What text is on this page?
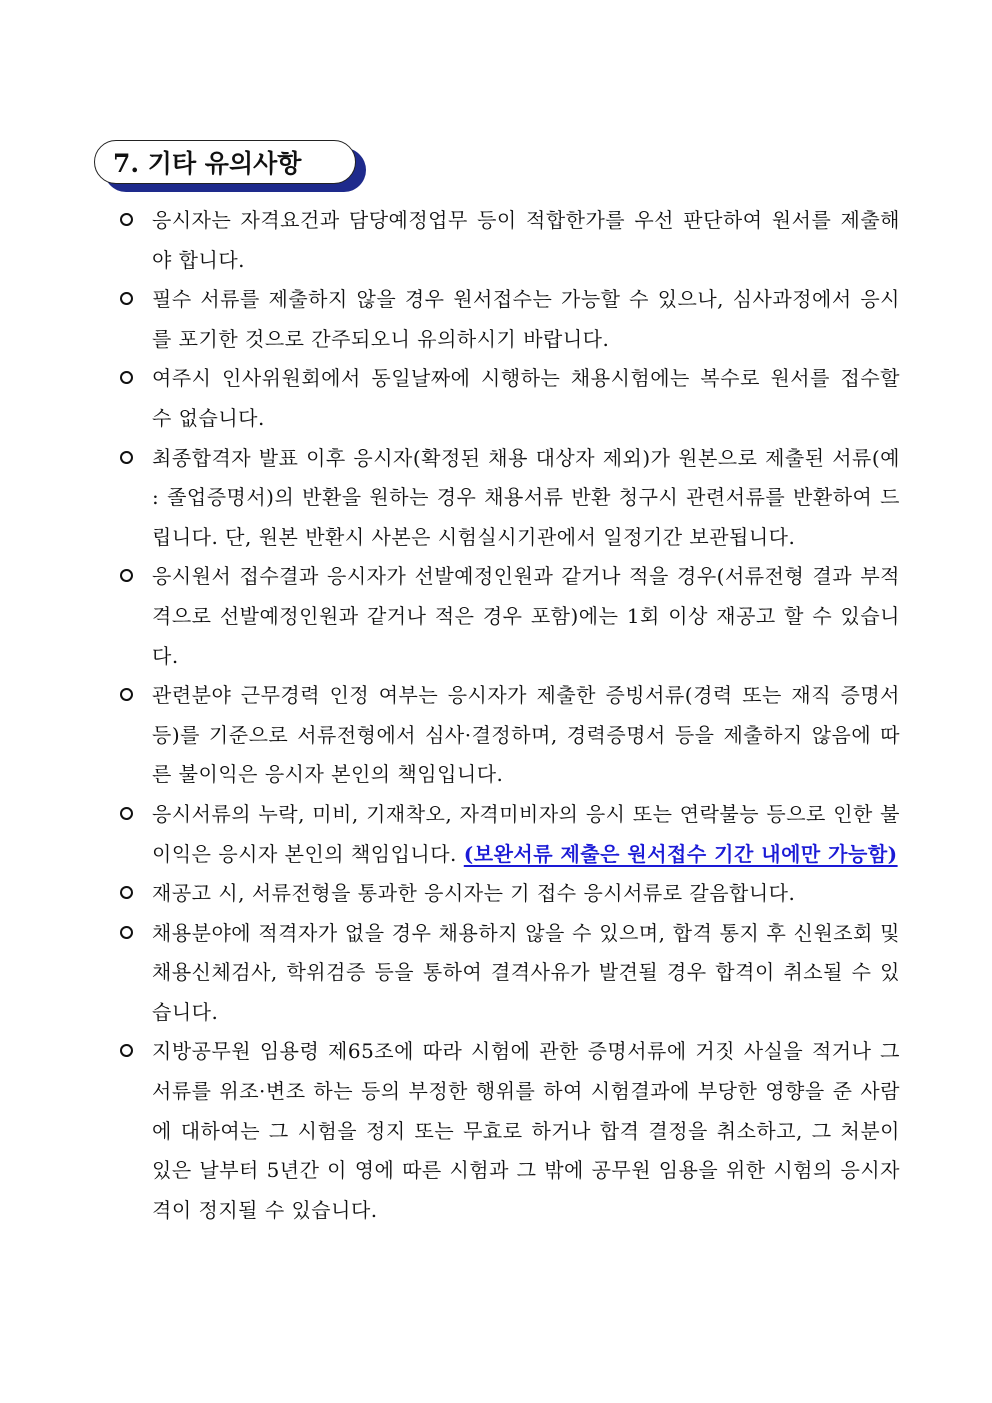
7. 기타 유의사항
응시자는 자격요건과 담당예정업무 등이 적합한가를 우선 판단하여 원서를 제출해야 합니다.
필수 서류를 제출하지 않을 경우 원서접수는 가능할 수 있으나, 심사과정에서 응시를 포기한 것으로 간주되오니 유의하시기 바랍니다.
여주시 인사위원회에서 동일날짜에 시행하는 채용시험에는 복수로 원서를 접수할 수 없습니다.
최종합격자 발표 이후 응시자(확정된 채용 대상자 제외)가 원본으로 제출된 서류(예 : 졸업증명서)의 반환을 원하는 경우 채용서류 반환 청구시 관련서류를 반환하여 드립니다. 단, 원본 반환시 사본은 시험실시기관에서 일정기간 보관됩니다.
응시원서 접수결과 응시자가 선발예정인원과 같거나 적을 경우(서류전형 결과 부적격으로 선발예정인원과 같거나 적은 경우 포함)에는 1회 이상 재공고 할 수 있습니다.
관련분야 근무경력 인정 여부는 응시자가 제출한 증빙서류(경력 또는 재직 증명서 등)를 기준으로 서류전형에서 심사·결정하며, 경력증명서 등을 제출하지 않음에 따른 불이익은 응시자 본인의 책임입니다.
응시서류의 누락, 미비, 기재착오, 자격미비자의 응시 또는 연락불능 등으로 인한 불이익은 응시자 본인의 책임입니다. (보완서류 제출은 원서접수 기간 내에만 가능함)
재공고 시, 서류전형을 통과한 응시자는 기 접수 응시서류로 갈음합니다.
채용분야에 적격자가 없을 경우 채용하지 않을 수 있으며, 합격 통지 후 신원조회 및 채용신체검사, 학위검증 등을 통하여 결격사유가 발견될 경우 합격이 취소될 수 있습니다.
지방공무원 임용령 제65조에 따라 시험에 관한 증명서류에 거짓 사실을 적거나 그 서류를 위조·변조 하는 등의 부정한 행위를 하여 시험결과에 부당한 영향을 준 사람에 대하여는 그 시험을 정지 또는 무효로 하거나 합격 결정을 취소하고, 그 처분이 있은 날부터 5년간 이 영에 따른 시험과 그 밖에 공무원 임용을 위한 시험의 응시자격이 정지될 수 있습니다.
